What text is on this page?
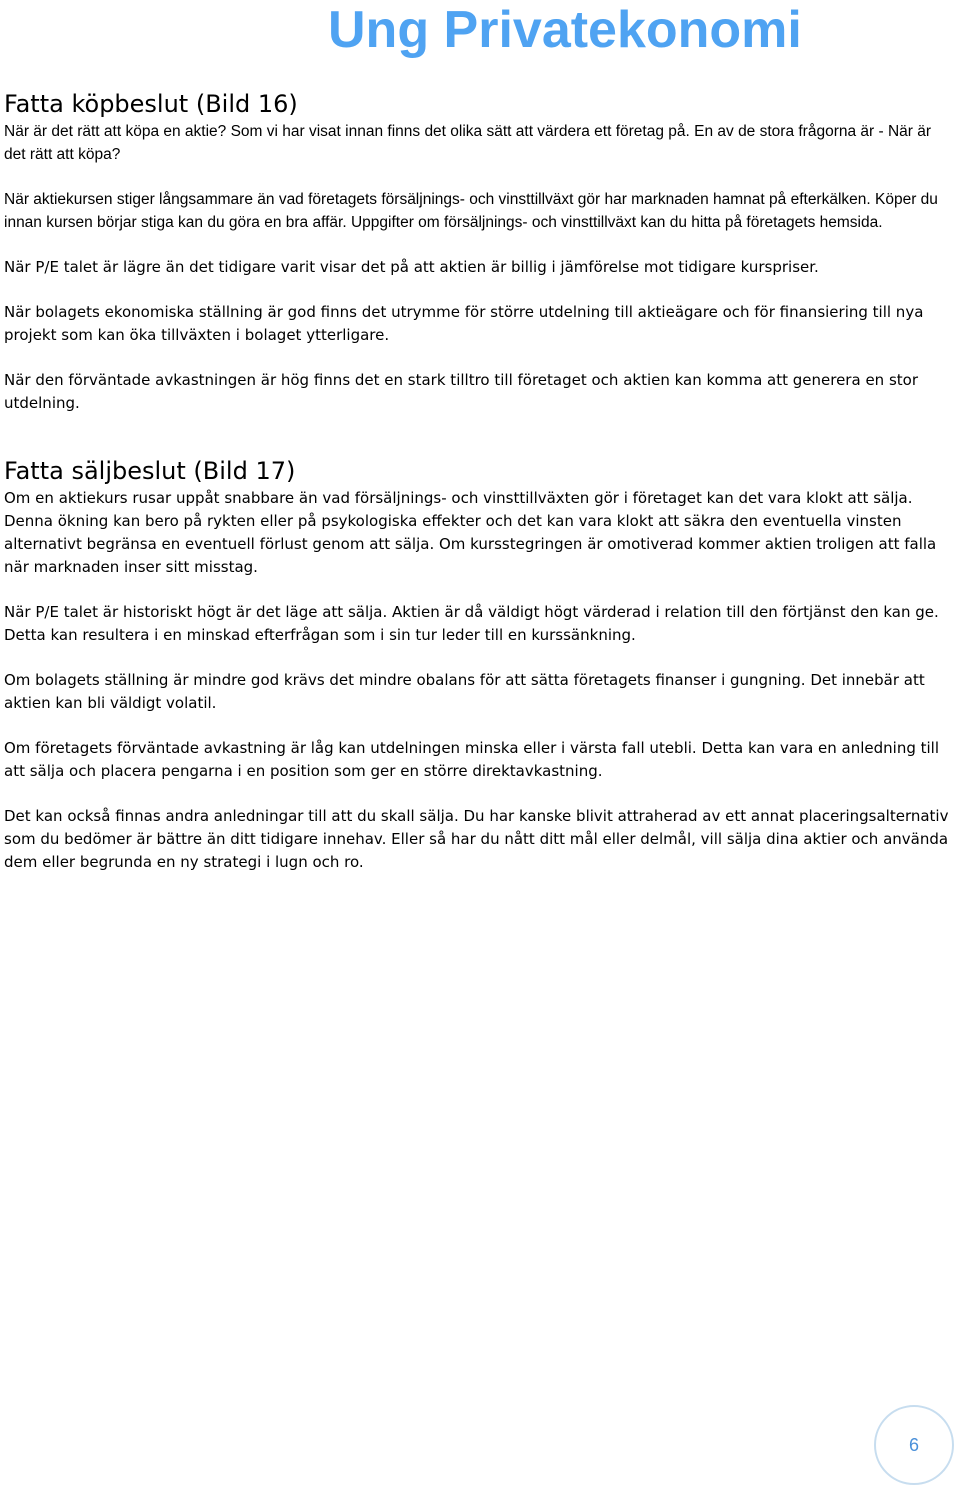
Ung Privatekonomi
Fatta köpbeslut (Bild 16)

När är det rätt att köpa en aktie? Som vi har visat innan finns det olika sätt att värdera ett företag på. En av de stora frågorna är - När är det rätt att köpa?

När aktiekursen stiger långsammare än vad företagets försäljnings- och vinsttillväxt gör har marknaden hamnat på efterkälken. Köper du innan kursen börjar stiga kan du göra en bra affär. Uppgifter om försäljnings- och vinsttillväxt kan du hitta på företagets hemsida.

När P/E talet är lägre än det tidigare varit visar det på att aktien är billig i jämförelse mot tidigare kurspriser.

När bolagets ekonomiska ställning är god finns det utrymme för större utdelning till aktieägare och för finansiering till nya projekt som kan öka tillväxten i bolaget ytterligare.

När den förväntade avkastningen är hög finns det en stark tilltro till företaget och aktien kan komma att generera en stor utdelning.

Fatta säljbeslut (Bild 17)

Om en aktiekurs rusar uppåt snabbare än vad försäljnings- och vinsttillväxten gör i företaget kan det vara klokt att sälja. Denna ökning kan bero på rykten eller på psykologiska effekter och det kan vara klokt att säkra den eventuella vinsten alternativt begränsa en eventuell förlust genom att sälja. Om kursstegringen är omotiverad kommer aktien troligen att falla när marknaden inser sitt misstag.

När P/E talet är historiskt högt är det läge att sälja. Aktien är då väldigt högt värderad i relation till den förtjänst den kan ge. Detta kan resultera i en minskad efterfrågan som i sin tur leder till en kurssänkning.

Om bolagets ställning är mindre god krävs det mindre obalans för att sätta företagets finanser i gungning. Det innebär att aktien kan bli väldigt volatil.

Om företagets förväntade avkastning är låg kan utdelningen minska eller i värsta fall utebli. Detta kan vara en anledning till att sälja och placera pengarna i en position som ger en större direktavkastning.

Det kan också finnas andra anledningar till att du skall sälja. Du har kanske blivit attraherad av ett annat placeringsalternativ som du bedömer är bättre än ditt tidigare innehav. Eller så har du nått ditt mål eller delmål, vill sälja dina aktier och använda dem eller begrunda en ny strategi i lugn och ro.

6
